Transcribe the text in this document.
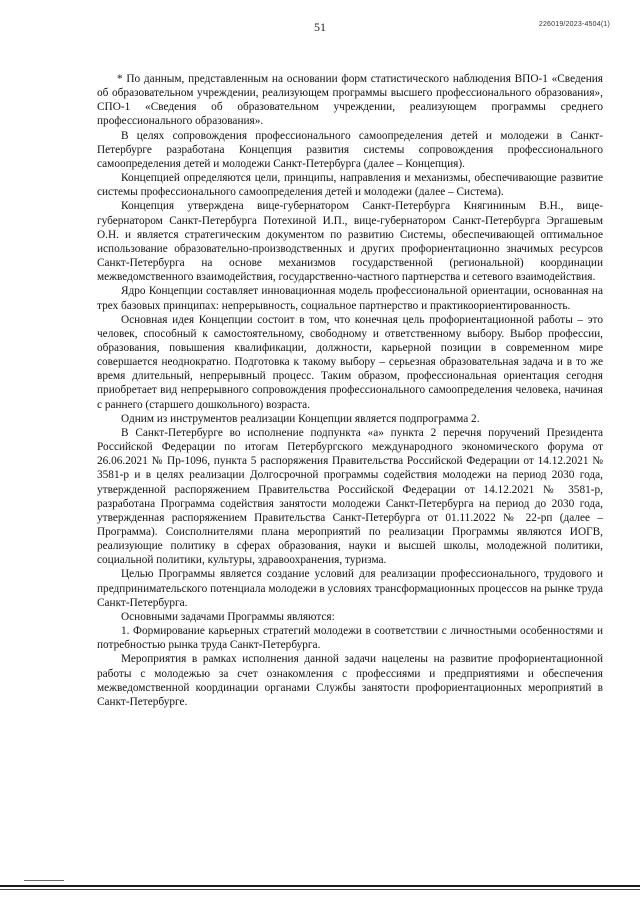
51	226019/2023-4504(1)

* По данным, представленным на основании форм статистического наблюдения ВПО-1 «Сведения об образовательном учреждении, реализующем программы высшего профессионального образования», СПО-1 «Сведения об образовательном учреждении, реализующем программы среднего профессионального образования».

В целях сопровождения профессионального самоопределения детей и молодежи в Санкт-Петербурге разработана Концепция развития системы сопровождения профессионального самоопределения детей и молодежи Санкт-Петербурга (далее – Концепция).

Концепцией определяются цели, принципы, направления и механизмы, обеспечивающие развитие системы профессионального самоопределения детей и молодежи (далее – Система).

Концепция утверждена вице-губернатором Санкт-Петербурга Княгининым В.Н., вице-губернатором Санкт-Петербурга Потехиной И.П., вице-губернатором Санкт-Петербурга Эргашевым О.Н. и является стратегическим документом по развитию Системы, обеспечивающей оптимальное использование образовательно-производственных и других профориентационно значимых ресурсов Санкт-Петербурга на основе механизмов государственной (региональной) координации межведомственного взаимодействия, государственно-частного партнерства и сетевого взаимодействия.

Ядро Концепции составляет инновационная модель профессиональной ориентации, основанная на трех базовых принципах: непрерывность, социальное партнерство и практикоориентированность.

Основная идея Концепции состоит в том, что конечная цель профориентационной работы – это человек, способный к самостоятельному, свободному и ответственному выбору. Выбор профессии, образования, повышения квалификации, должности, карьерной позиции в современном мире совершается неоднократно. Подготовка к такому выбору – серьезная образовательная задача и в то же время длительный, непрерывный процесс. Таким образом, профессиональная ориентация сегодня приобретает вид непрерывного сопровождения профессионального самоопределения человека, начиная с раннего (старшего дошкольного) возраста.

Одним из инструментов реализации Концепции является подпрограмма 2.

В Санкт-Петербурге во исполнение подпункта «а» пункта 2 перечня поручений Президента Российской Федерации по итогам Петербургского международного экономического форума от 26.06.2021 № Пр-1096, пункта 5 распоряжения Правительства Российской Федерации от 14.12.2021 № 3581-р и в целях реализации Долгосрочной программы содействия молодежи на период 2030 года, утвержденной распоряжением Правительства Российской Федерации от 14.12.2021 № 3581-р, разработана Программа содействия занятости молодежи Санкт-Петербурга на период до 2030 года, утвержденная распоряжением Правительства Санкт-Петербурга от 01.11.2022 № 22-рп (далее – Программа). Соисполнителями плана мероприятий по реализации Программы являются ИОГВ, реализующие политику в сферах образования, науки и высшей школы, молодежной политики, социальной политики, культуры, здравоохранения, туризма.

Целью Программы является создание условий для реализации профессионального, трудового и предпринимательского потенциала молодежи в условиях трансформационных процессов на рынке труда Санкт-Петербурга.

Основными задачами Программы являются:

1. Формирование карьерных стратегий молодежи в соответствии с личностными особенностями и потребностью рынка труда Санкт-Петербурга.

Мероприятия в рамках исполнения данной задачи нацелены на развитие профориентационной работы с молодежью за счет ознакомления с профессиями и предприятиями и обеспечения межведомственной координации органами Службы занятости профориентационных мероприятий в Санкт-Петербурге.
